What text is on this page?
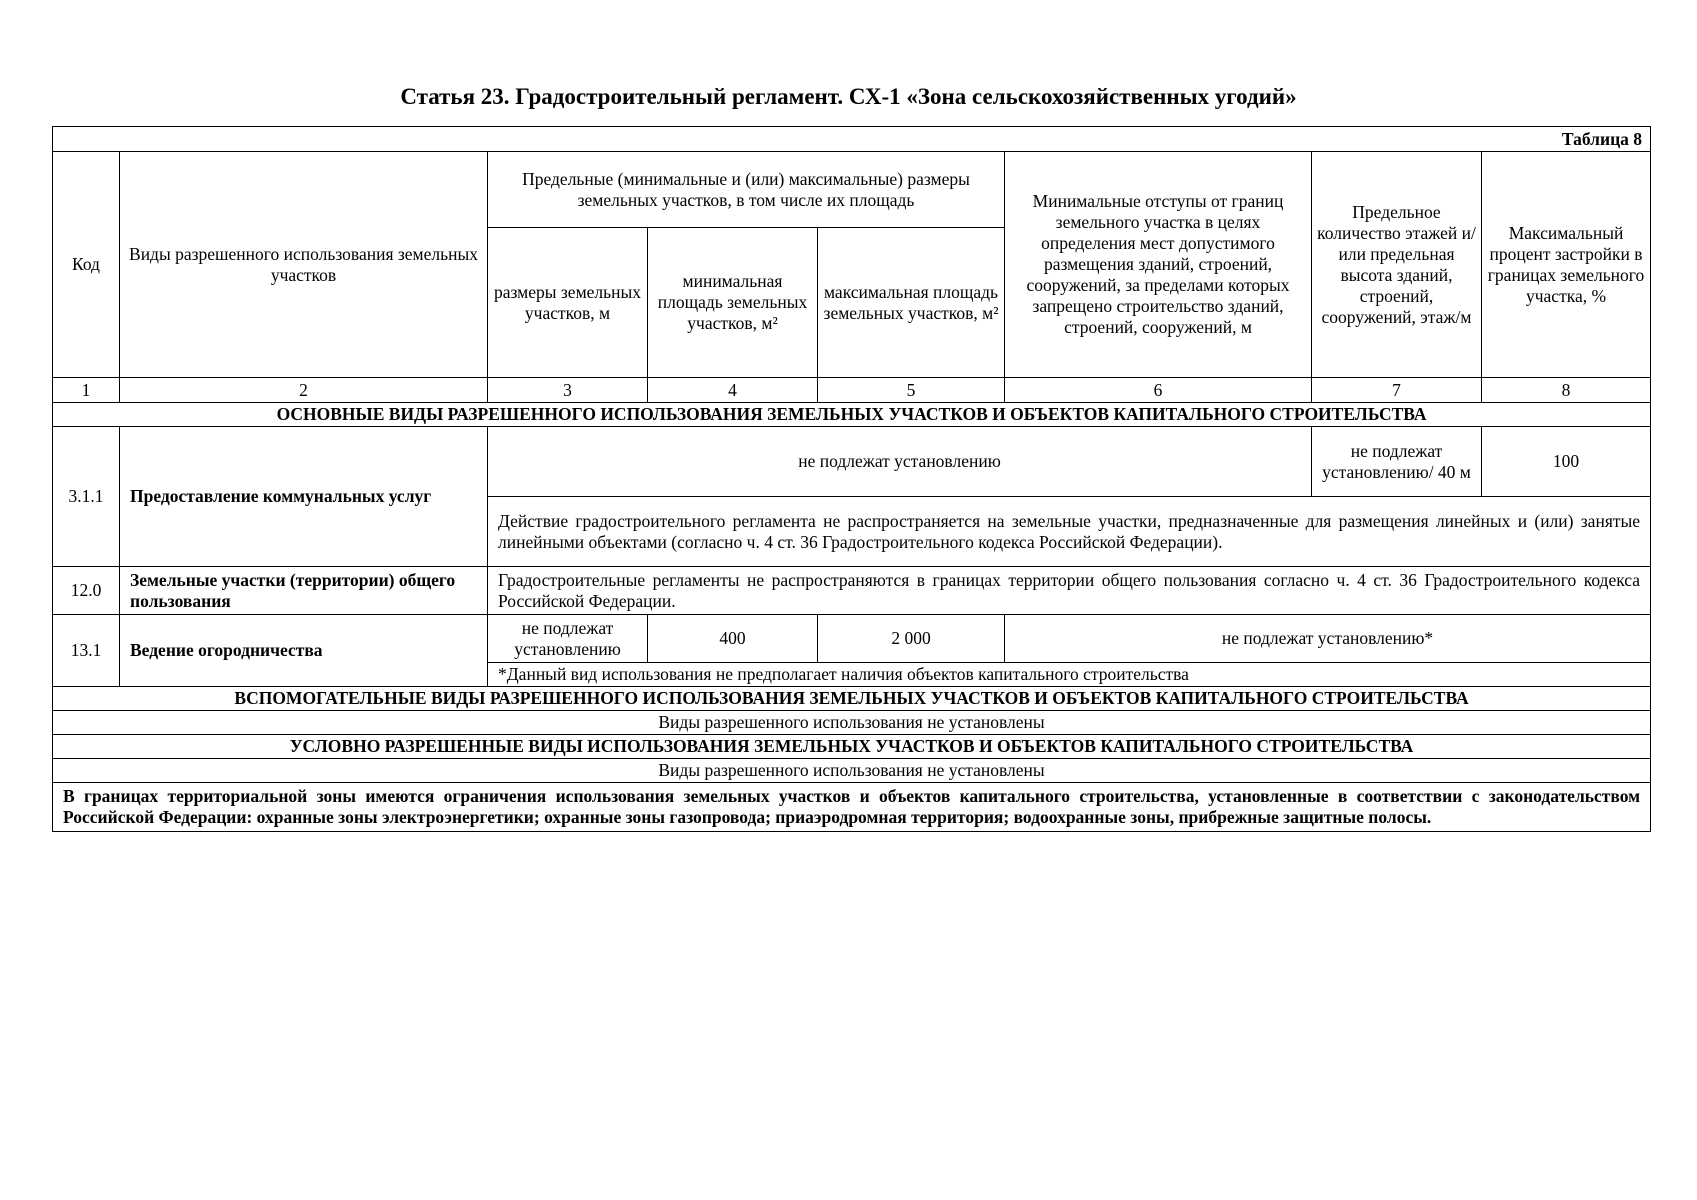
Статья 23. Градостроительный регламент. СХ-1 «Зона сельскохозяйственных угодий»
Таблица 8							
Код	Виды разрешенного использования земельных участков	Предельные (минимальные и (или) максимальные) размеры земельных участков, в том числе их площадь			Минимальные отступы от границ земельного участка в целях определения мест допустимого размещения зданий, строений, сооружений, за пределами которых запрещено строительство зданий, строений, сооружений, м	Предельное количество этажей и/или предельная высота зданий, строений, сооружений, этаж/м	Максимальный процент застройки в границах земельного участка, %
		размеры земельных участков, м	минимальная площадь земельных участков, м²	максимальная площадь земельных участков, м²			
1	2	3	4	5	6	7	8
ОСНОВНЫЕ ВИДЫ РАЗРЕШЕННОГО ИСПОЛЬЗОВАНИЯ ЗЕМЕЛЬНЫХ УЧАСТКОВ И ОБЪЕКТОВ КАПИТАЛЬНОГО СТРОИТЕЛЬСТВА							
3.1.1	Предоставление коммунальных услуг	не подлежат установлению				не подлежат установлению/ 40 м	100
		Действие градостроительного регламента не распространяется на земельные участки, предназначенные для размещения линейных и (или) занятые линейными объектами (согласно ч. 4 ст. 36 Градостроительного кодекса Российской Федерации).					
12.0	Земельные участки (территории) общего пользования	Градостроительные регламенты не распространяются в границах территории общего пользования согласно ч. 4 ст. 36 Градостроительного кодекса Российской Федерации.					
13.1	Ведение огородничества	не подлежат установлению	400	2 000	не подлежат установлению*		
		*Данный вид использования не предполагает наличия объектов капитального строительства					
ВСПОМОГАТЕЛЬНЫЕ ВИДЫ РАЗРЕШЕННОГО ИСПОЛЬЗОВАНИЯ ЗЕМЕЛЬНЫХ УЧАСТКОВ И ОБЪЕКТОВ КАПИТАЛЬНОГО СТРОИТЕЛЬСТВА							
Виды разрешенного использования не установлены							
УСЛОВНО РАЗРЕШЕННЫЕ ВИДЫ ИСПОЛЬЗОВАНИЯ ЗЕМЕЛЬНЫХ УЧАСТКОВ И ОБЪЕКТОВ КАПИТАЛЬНОГО СТРОИТЕЛЬСТВА							
Виды разрешенного использования не установлены							
В границах территориальной зоны имеются ограничения использования земельных участков и объектов капитального строительства, установленные в соответствии с законодательством Российской Федерации: охранные зоны электроэнергетики; охранные зоны газопровода; приаэродромная территория; водоохранные зоны, прибрежные защитные полосы.							
